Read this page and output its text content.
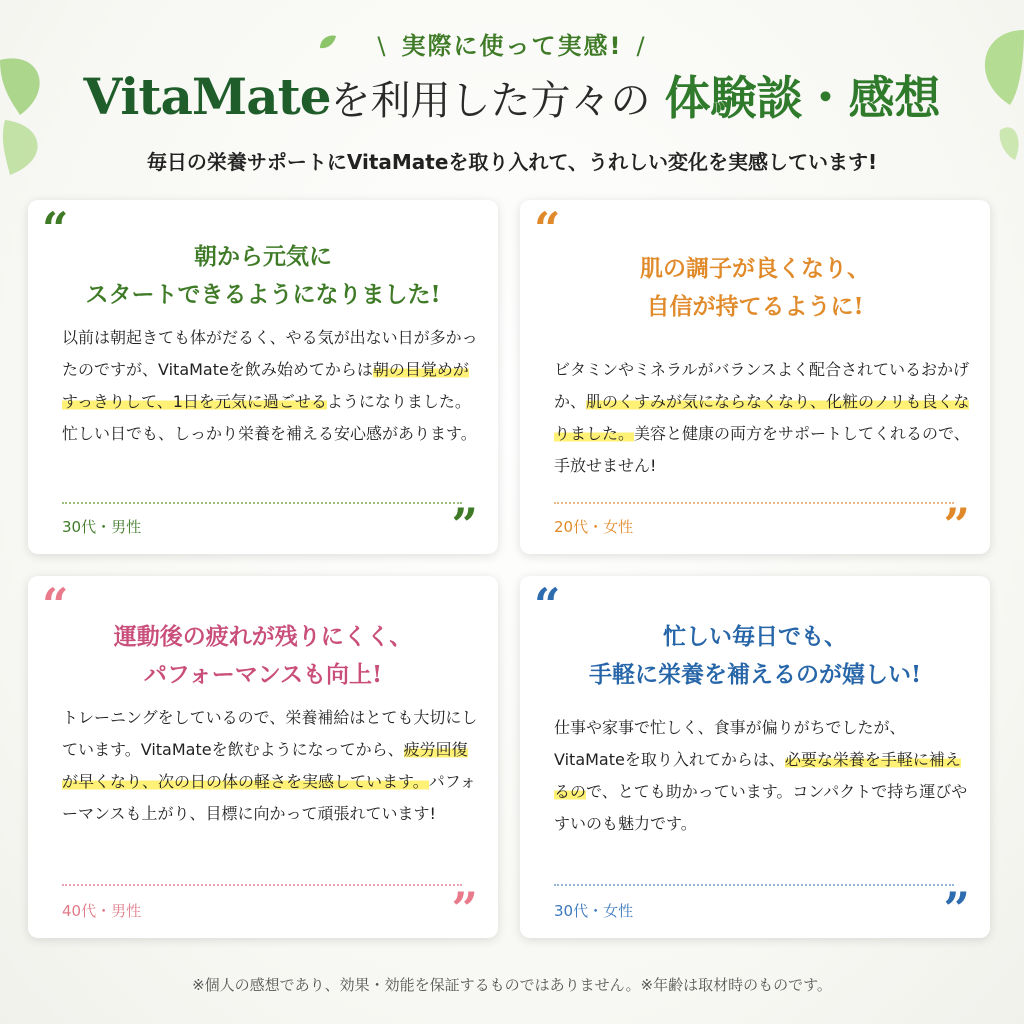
\ 実際に使って実感! /
VitaMateを利用した方々の 体験談・感想
毎日の栄養サポートにVitaMateを取り入れて、うれしい変化を実感しています!
“
朝から元気に
スタートできるようになりました!
以前は朝起きても体がだるく、やる気が出ない日が多かったのですが、VitaMateを飲み始めてからは朝の目覚めがすっきりして、1日を元気に過ごせるようになりました。忙しい日でも、しっかり栄養を補える安心感があります。
30代・男性	”
“
肌の調子が良くなり、
自信が持てるように!
ビタミンやミネラルがバランスよく配合されているおかげか、肌のくすみが気にならなくなり、化粧のノリも良くなりました。美容と健康の両方をサポートしてくれるので、手放せません!
20代・女性	”
“
運動後の疲れが残りにくく、
パフォーマンスも向上!
トレーニングをしているので、栄養補給はとても大切にしています。VitaMateを飲むようになってから、疲労回復が早くなり、次の日の体の軽さを実感しています。パフォーマンスも上がり、目標に向かって頑張れています!
40代・男性	”
“
忙しい毎日でも、
手軽に栄養を補えるのが嬉しい!
仕事や家事で忙しく、食事が偏りがちでしたが、VitaMateを取り入れてからは、必要な栄養を手軽に補えるので、とても助かっています。コンパクトで持ち運びやすいのも魅力です。
30代・女性	”
※個人の感想であり、効果・効能を保証するものではありません。※年齢は取材時のものです。
